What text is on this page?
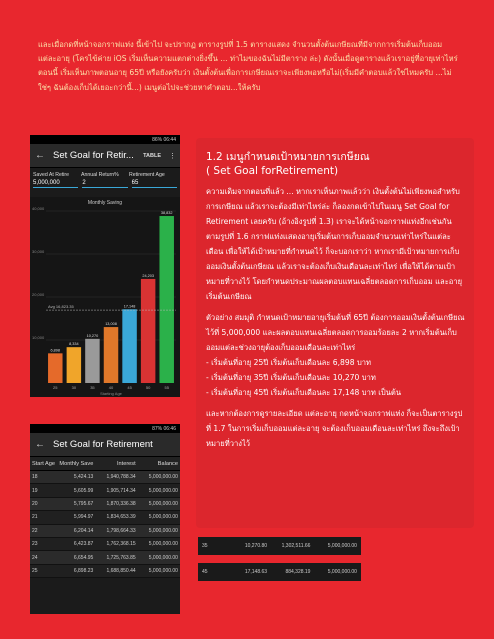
และเมื่อกดที่หน้าจอกราฟแท่ง นี้เข้าไป จะปรากฏ ตารางรูปที่ 1.5 ตารางแสดง จำนวนตั้งต้นเกษียณที่มีจากการเริ่มต้นเก็บออมแต่ละอายุ (โครไข้ค่าย iOS เริ่มเห็นความแตกต่างยิ่งขึ้น ... ท่าไมของฉันไม่มีตาราง ล่ะ) ดังนั้นเมื่อดูตารางแล้วเราอยู่ที่อายุเท่าไหร่ตอนนี้ เริ่มเห็นภาพตอนอายุ 65ปี หรือยังครับว่า เงินตั้งต้นเพื่อการเกษียณเราจะเพียงพอหรือไม่(เริ่มมีคำตอบแล้วใช่ไหมครับ ...ไม่ใช่ๆ ฉันต้องเก็บได้เยอะกว่านี้...) เมนูต่อไปจะช่วยหาคำตอบ...ให้ครับ
86% 06:44
← Set Goal for Retir... TABLE ⋮
Saved At Retire	Annual Return%	Retirement Age
5,000,000	2	65
Monthly Saving
40,000
30,000
20,000
10,000
6,898
25
8,334
30
10,270
35
13,008
40
17,148
45
24,203
50
38,832
55
Avg 16,823.35
Starting Age
87% 06:46
← Set Goal for Retirement
Start Age Monthly Save	Interest	Balance
18	5,424.13	1,940,788.34	5,000,000.00
19	5,605.99	1,905,714.34	5,000,000.00
20	5,795.67	1,870,336.38	5,000,000.00
21	5,994.97	1,834,653.39	5,000,000.00
22	6,204.14	1,798,664.33	5,000,000.00
23	6,423.87	1,762,368.15	5,000,000.00
24	6,654.95	1,725,763.85	5,000,000.00
25	6,898.23	1,688,850.44	5,000,000.00
1.2 เมนูกำหนดเป้าหมายการเกษียณ
( Set Goal forRetirement)

ความเดิมจากตอนที่แล้ว ... หากเราเห็นภาพแล้วว่า เงินตั้งต้นไม่เพียงพอสำหรับการเกษียณ แล้วเราจะต้องมีเท่าไหร่ล่ะ ก็ลองกดเข้าไปในเมนู Set Goal for Retirement เลยครับ (อ้างอิงรูปที่ 1.3) เราจะได้หน้าจอกราฟแท่งอีกเช่นกัน ตามรูปที่ 1.6 กราฟแท่งแสดงอายุเริ่มต้นการเก็บออมจำนวนเท่าไหร่ในแต่ละเดือน เพื่อให้ได้เป้าหมายที่กำหนดไว้ ก็จะบอกเราว่า หากเรามีเป้าหมายการเก็บออมเงินตั้งต้นเกษียณ แล้วเราจะต้องเก็บเงินเดือนละเท่าไหร่ เพื่อให้ได้ตามเป้าหมายที่วางไว้ โดยกำหนดประมาณผลตอบแทนเฉลี่ยตลอดการเก็บออม และอายุเริ่มต้นเกษียณ

ตัวอย่าง สมมุติ กำหนดเป้าหมายอายุเริ่มต้นที่ 65ปี ต้องการออมเงินตั้งต้นเกษียณไว้ที่ 5,000,000 และผลตอบแทนเฉลี่ยตลอดการออมร้อยละ 2 หากเริ่มต้นเก็บออมแต่ละช่วงอายุต้องเก็บออมเดือนละเท่าไหร่

- เริ่มต้นที่อายุ 25ปี เริ่มต้นเก็บเดือนละ 6,898 บาท
- เริ่มต้นที่อายุ 35ปี เริ่มต้นเก็บเดือนละ 10,270 บาท
- เริ่มต้นที่อายุ 45ปี เริ่มต้นเก็บเดือนละ 17,148 บาท เป็นต้น

และหากต้องการดูรายละเอียด แต่ละอายุ กดหน้าจอกราฟแท่ง ก็จะเป็นตารางรูปที่ 1.7 ในการเริ่มเก็บออมแต่ละอายุ จะต้องเก็บออมเดือนละเท่าไหร่ ถึงจะถึงเป้าหมายที่วางไว้

35	10,270.80	1,302,511.66	5,000,000.00
45	17,148.63	884,328.19	5,000,000.00
